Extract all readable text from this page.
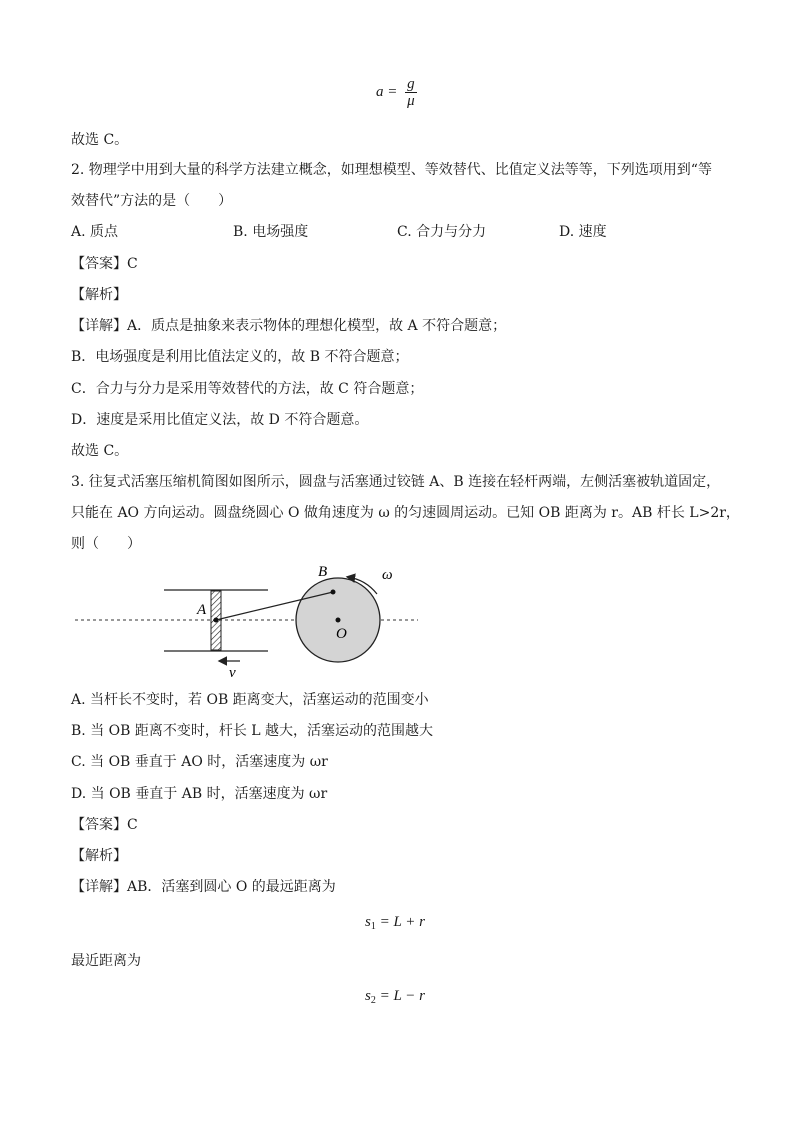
$a = \frac{g}{\mu}$
故选 C。
2. 物理学中用到大量的科学方法建立概念，如理想模型、等效替代、比值定义法等等，下列选项用到“等
效替代”方法的是（　　）
A. 质点	B. 电场强度	C. 合力与分力	D. 速度
【答案】C
【解析】
【详解】A．质点是抽象来表示物体的理想化模型，故 A 不符合题意；
B．电场强度是利用比值法定义的，故 B 不符合题意；
C．合力与分力是采用等效替代的方法，故 C 符合题意；
D．速度是采用比值定义法，故 D 不符合题意。
故选 C。
3. 往复式活塞压缩机简图如图所示，圆盘与活塞通过铰链 A、B 连接在轻杆两端，左侧活塞被轨道固定，
只能在 AO 方向运动。圆盘绕圆心 O 做角速度为 ω 的匀速圆周运动。已知 OB 距离为 r。AB 杆长 L>2r，
则（　　）
A
B
O
ω
v
A. 当杆长不变时，若 OB 距离变大，活塞运动的范围变小
B. 当 OB 距离不变时，杆长 L 越大，活塞运动的范围越大
C. 当 OB 垂直于 AO 时，活塞速度为 ωr
D. 当 OB 垂直于 AB 时，活塞速度为 ωr
【答案】C
【解析】
【详解】AB．活塞到圆心 O 的最远距离为
$s_1 = L + r$
最近距离为
$s_2 = L - r$
